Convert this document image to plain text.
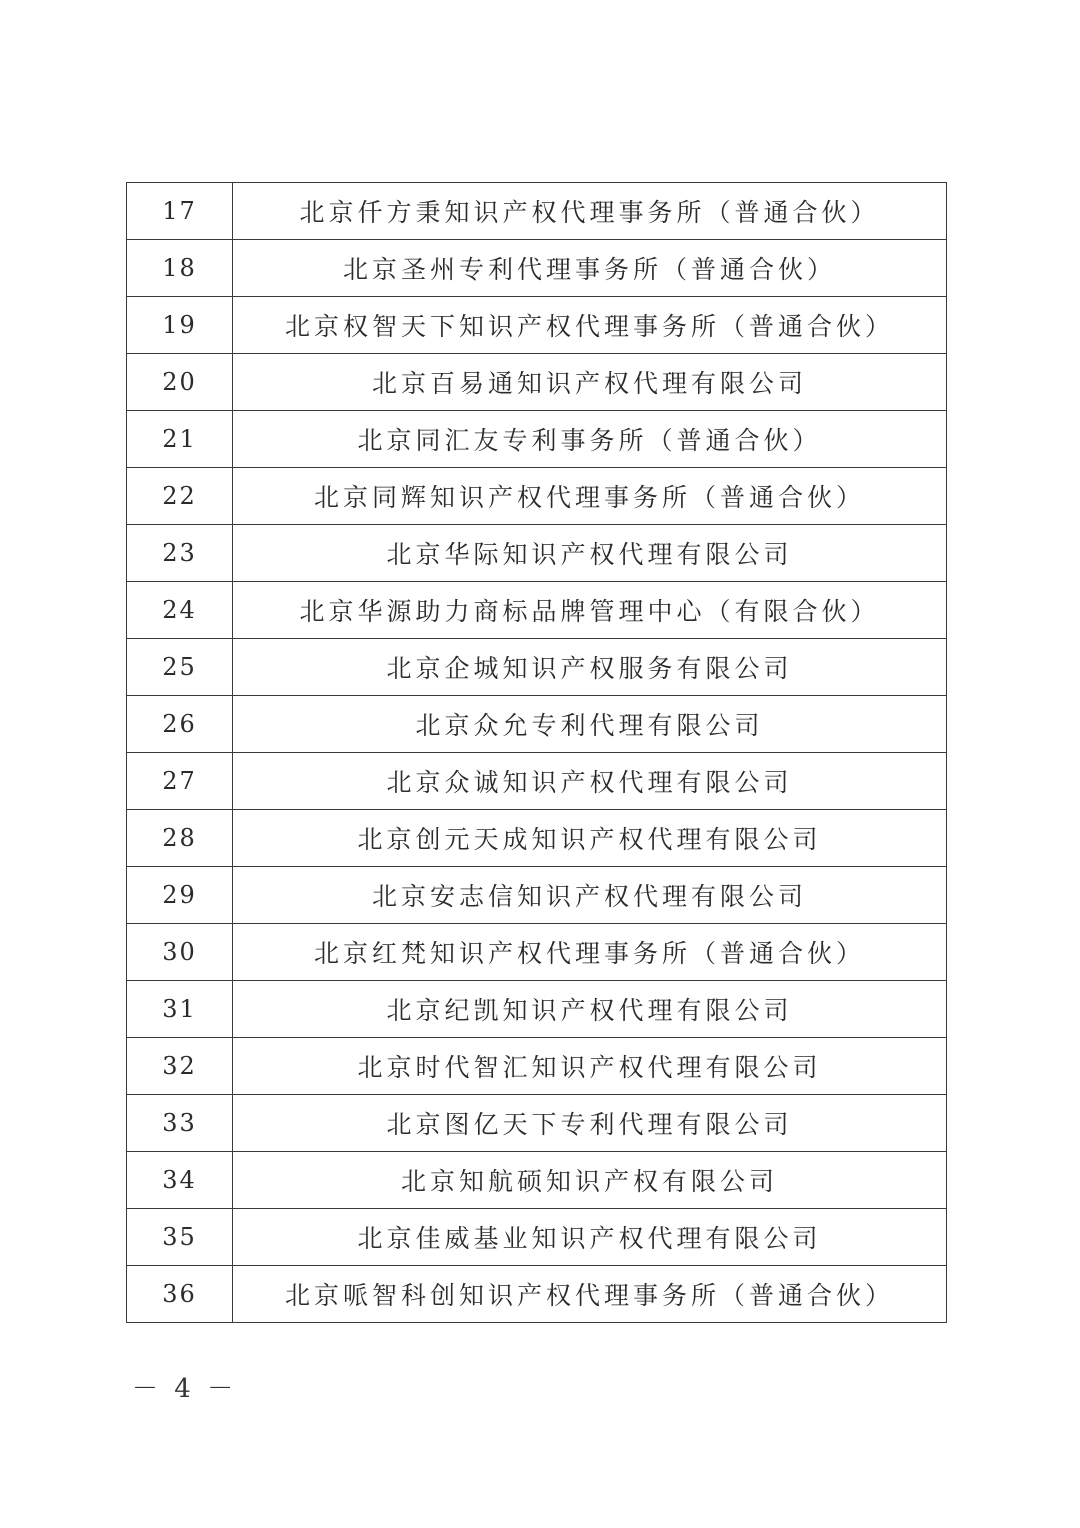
17	北京仟方秉知识产权代理事务所（普通合伙）
18	北京圣州专利代理事务所（普通合伙）
19	北京权智天下知识产权代理事务所（普通合伙）
20	北京百易通知识产权代理有限公司
21	北京同汇友专利事务所（普通合伙）
22	北京同辉知识产权代理事务所（普通合伙）
23	北京华际知识产权代理有限公司
24	北京华源助力商标品牌管理中心（有限合伙）
25	北京企城知识产权服务有限公司
26	北京众允专利代理有限公司
27	北京众诚知识产权代理有限公司
28	北京创元天成知识产权代理有限公司
29	北京安志信知识产权代理有限公司
30	北京红梵知识产权代理事务所（普通合伙）
31	北京纪凯知识产权代理有限公司
32	北京时代智汇知识产权代理有限公司
33	北京图亿天下专利代理有限公司
34	北京知航硕知识产权有限公司
35	北京佳威基业知识产权代理有限公司
36	北京哌智科创知识产权代理事务所（普通合伙）
－ 4 －
